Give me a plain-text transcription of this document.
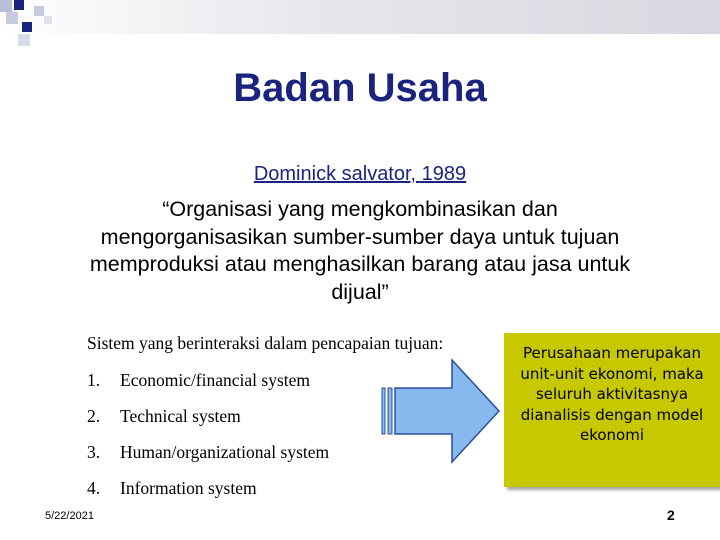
Badan Usaha
Dominick salvator, 1989
“Organisasi yang mengkombinasikan dan
mengorganisasikan sumber-sumber daya untuk tujuan
memproduksi atau menghasilkan barang atau jasa untuk
dijual”
Sistem yang berinteraksi dalam pencapaian tujuan:
1. Economic/financial system
2. Technical system
3. Human/organizational system
4. Information system
Perusahaan merupakan
unit-unit ekonomi, maka
seluruh aktivitasnya
dianalisis dengan model
ekonomi
5/22/2021	2
